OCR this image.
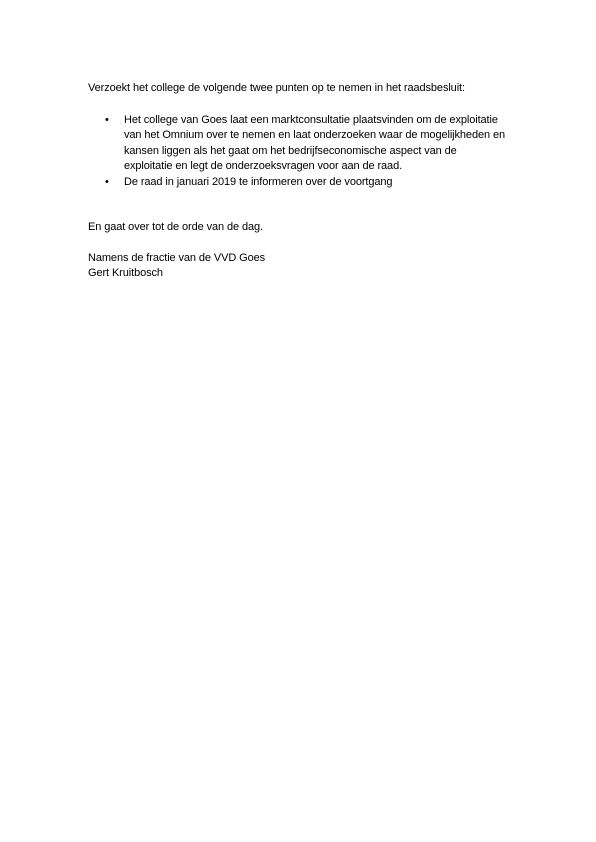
Verzoekt het college de volgende twee punten op te nemen in het raadsbesluit:

• Het college van Goes laat een marktconsultatie plaatsvinden om de exploitatie van het Omnium over te nemen en laat onderzoeken waar de mogelijkheden en kansen liggen als het gaat om het bedrijfseconomische aspect van de exploitatie en legt de onderzoeksvragen voor aan de raad.
• De raad in januari 2019 te informeren over de voortgang

En gaat over tot de orde van de dag.

Namens de fractie van de VVD Goes

Gert Kruitbosch
